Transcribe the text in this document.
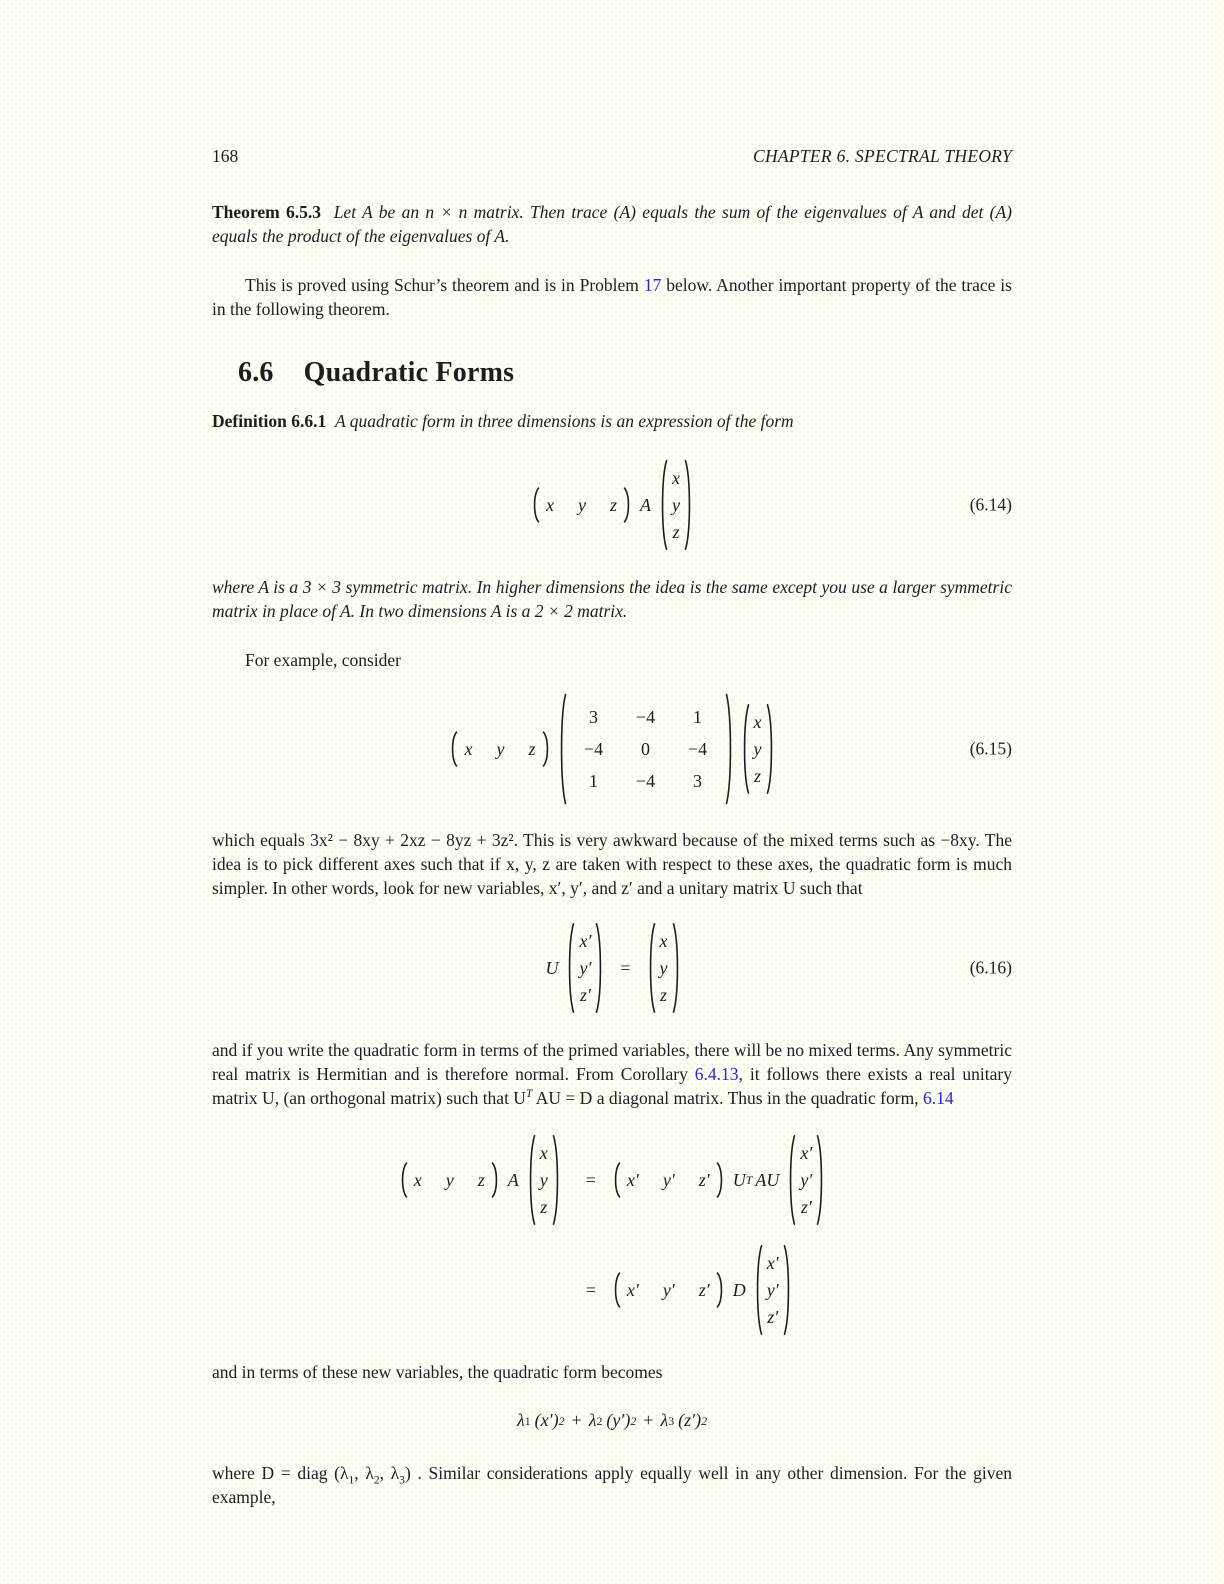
168	CHAPTER 6. SPECTRAL THEORY

Theorem 6.5.3 Let A be an n × n matrix. Then trace (A) equals the sum of the eigenvalues of A and det (A) equals the product of the eigenvalues of A.

This is proved using Schur’s theorem and is in Problem 17 below. Another important property of the trace is in the following theorem.

6.6 Quadratic Forms

Definition 6.6.1 A quadratic form in three dimensions is an expression of the form

x y z A
x
y
z
(6.14)

where A is a 3 × 3 symmetric matrix. In higher dimensions the idea is the same except you use a larger symmetric matrix in place of A. In two dimensions A is a 2 × 2 matrix.

For example, consider

x y z
3 −4 1
−4 0 −4
1 −4 3
x
y
z
(6.15)

which equals 3x² − 8xy + 2xz − 8yz + 3z². This is very awkward because of the mixed terms such as −8xy. The idea is to pick different axes such that if x, y, z are taken with respect to these axes, the quadratic form is much simpler. In other words, look for new variables, x′, y′, and z′ and a unitary matrix U such that

U
x′
y′
z′
=
x
y
z
(6.16)

and if you write the quadratic form in terms of the primed variables, there will be no mixed terms. Any symmetric real matrix is Hermitian and is therefore normal. From Corollary 6.4.13, it follows there exists a real unitary matrix U, (an orthogonal matrix) such that $U^T$ AU = D a diagonal matrix. Thus in the quadratic form, 6.14

x y z A
x
y
z
= x′ y′ z′ U T AU
x′
y′
z′
= x′ y′ z′ D
x′
y′
z′

and in terms of these new variables, the quadratic form becomes

λ 1 (x′) 2 + λ 2 (y′) 2 + λ 3 (z′) 2

where D = diag ($\lambda_1$, $\lambda_2$, $\lambda_3$) . Similar considerations apply equally well in any other dimension. For the given example,
